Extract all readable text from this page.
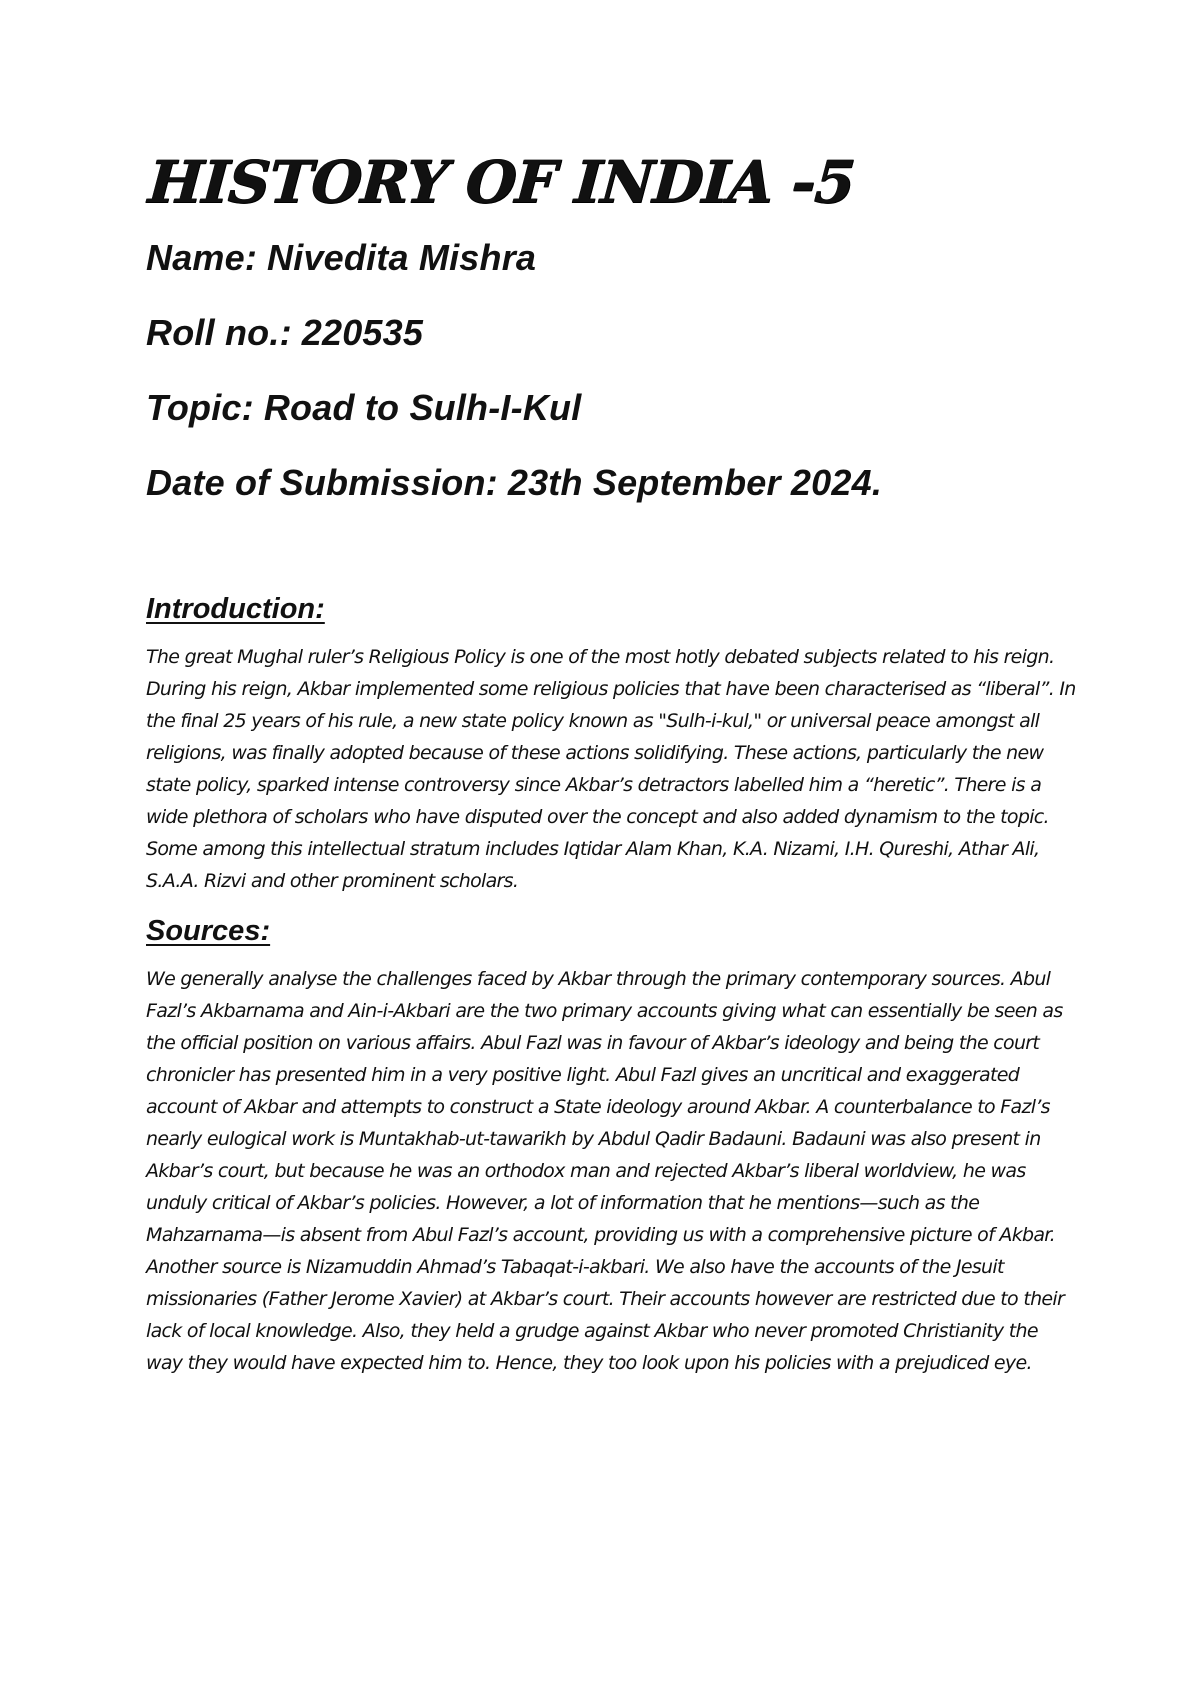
HISTORY OF INDIA -5
Name: Nivedita Mishra
Roll no.: 220535
Topic: Road to Sulh-I-Kul
Date of Submission: 23th September 2024.
Introduction:

The great Mughal ruler’s Religious Policy is one of the most hotly debated subjects related to his reign. During his reign, Akbar implemented some religious policies that have been characterised as “liberal”. In the final 25 years of his rule, a new state policy known as "Sulh-i-kul," or universal peace amongst all religions, was finally adopted because of these actions solidifying. These actions, particularly the new state policy, sparked intense controversy since Akbar’s detractors labelled him a “heretic”. There is a wide plethora of scholars who have disputed over the concept and also added dynamism to the topic. Some among this intellectual stratum includes Iqtidar Alam Khan, K.A. Nizami, I.H. Qureshi, Athar Ali, S.A.A. Rizvi and other prominent scholars.

Sources:

We generally analyse the challenges faced by Akbar through the primary contemporary sources. Abul Fazl’s Akbarnama and Ain-i-Akbari are the two primary accounts giving what can essentially be seen as the official position on various affairs. Abul Fazl was in favour of Akbar’s ideology and being the court chronicler has presented him in a very positive light. Abul Fazl gives an uncritical and exaggerated account of Akbar and attempts to construct a State ideology around Akbar. A counterbalance to Fazl’s nearly eulogical work is Muntakhab-ut-tawarikh by Abdul Qadir Badauni. Badauni was also present in Akbar’s court, but because he was an orthodox man and rejected Akbar’s liberal worldview, he was unduly critical of Akbar’s policies. However, a lot of information that he mentions—such as the Mahzarnama—is absent from Abul Fazl’s account, providing us with a comprehensive picture of Akbar. Another source is Nizamuddin Ahmad’s Tabaqat-i-akbari. We also have the accounts of the Jesuit missionaries (Father Jerome Xavier) at Akbar’s court. Their accounts however are restricted due to their lack of local knowledge. Also, they held a grudge against Akbar who never promoted Christianity the way they would have expected him to. Hence, they too look upon his policies with a prejudiced eye.
